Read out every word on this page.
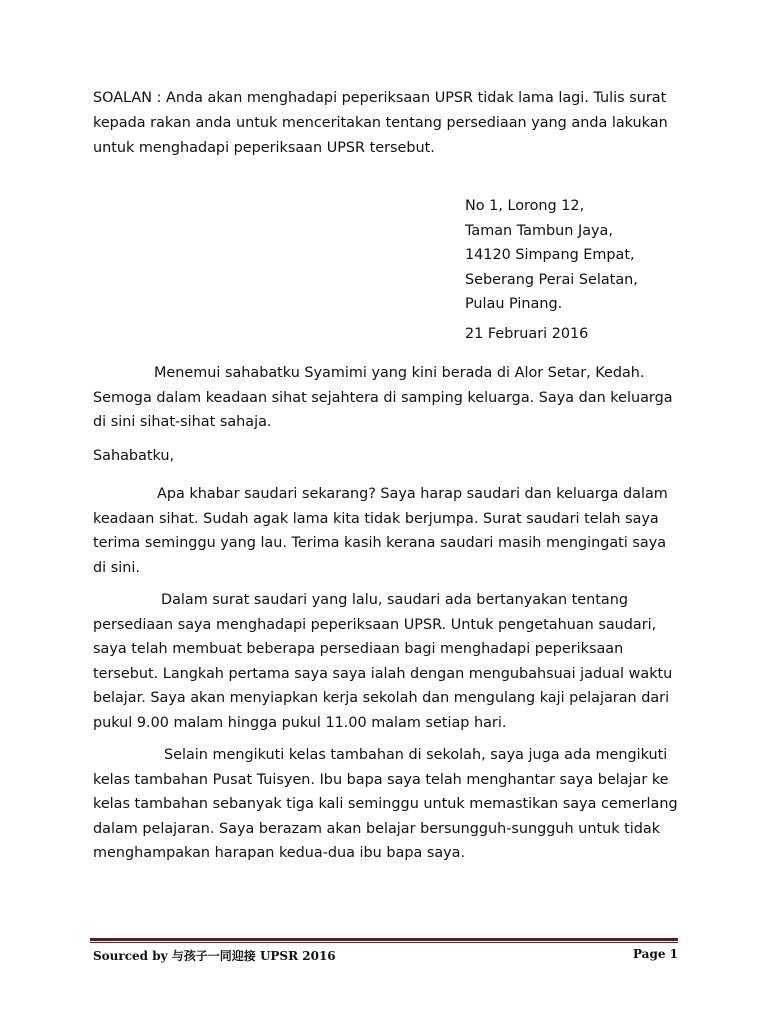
SOALAN : Anda akan menghadapi peperiksaan UPSR tidak lama lagi. Tulis surat kepada rakan anda untuk menceritakan tentang persediaan yang anda lakukan untuk menghadapi peperiksaan UPSR tersebut.

No 1, Lorong 12,
Taman Tambun Jaya,
14120 Simpang Empat,
Seberang Perai Selatan,
Pulau Pinang.

21 Februari 2016

Menemui sahabatku Syamimi yang kini berada di Alor Setar, Kedah. Semoga dalam keadaan sihat sejahtera di samping keluarga. Saya dan keluarga di sini sihat-sihat sahaja.

Sahabatku,

Apa khabar saudari sekarang? Saya harap saudari dan keluarga dalam keadaan sihat. Sudah agak lama kita tidak berjumpa. Surat saudari telah saya terima seminggu yang lau. Terima kasih kerana saudari masih mengingati saya di sini.

Dalam surat saudari yang lalu, saudari ada bertanyakan tentang persediaan saya menghadapi peperiksaan UPSR. Untuk pengetahuan saudari, saya telah membuat beberapa persediaan bagi menghadapi peperiksaan tersebut. Langkah pertama saya saya ialah dengan mengubahsuai jadual waktu belajar. Saya akan menyiapkan kerja sekolah dan mengulang kaji pelajaran dari pukul 9.00 malam hingga pukul 11.00 malam setiap hari.

Selain mengikuti kelas tambahan di sekolah, saya juga ada mengikuti kelas tambahan Pusat Tuisyen. Ibu bapa saya telah menghantar saya belajar ke kelas tambahan sebanyak tiga kali seminggu untuk memastikan saya cemerlang dalam pelajaran. Saya berazam akan belajar bersungguh-sungguh untuk tidak menghampakan harapan kedua-dua ibu bapa saya.

Sourced by 与孩子一同迎接 UPSR 2016	Page 1
